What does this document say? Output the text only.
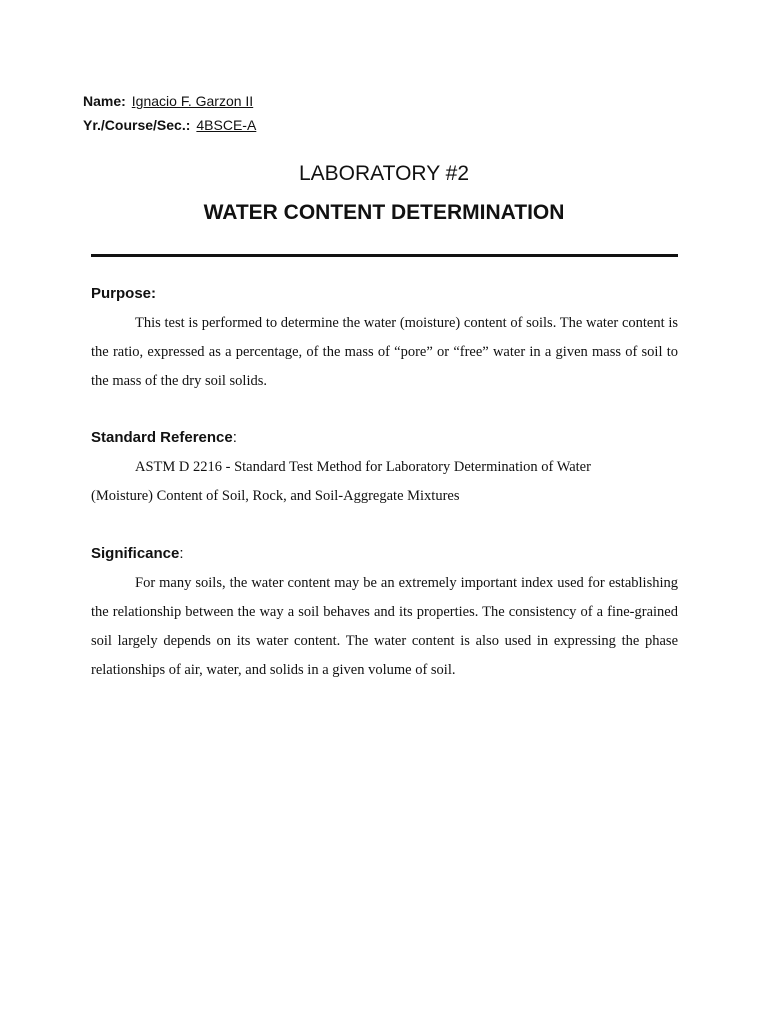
Name: Ignacio F. Garzon II
Yr./Course/Sec.: 4BSCE-A
LABORATORY #2
WATER CONTENT DETERMINATION
Purpose:

This test is performed to determine the water (moisture) content of soils. The water content is the ratio, expressed as a percentage, of the mass of “pore” or “free” water in a given mass of soil to the mass of the dry soil solids.

Standard Reference:

ASTM D 2216 - Standard Test Method for Laboratory Determination of Water (Moisture) Content of Soil, Rock, and Soil-Aggregate Mixtures

Significance:

For many soils, the water content may be an extremely important index used for establishing the relationship between the way a soil behaves and its properties. The consistency of a fine-grained soil largely depends on its water content. The water content is also used in expressing the phase relationships of air, water, and solids in a given volume of soil.
